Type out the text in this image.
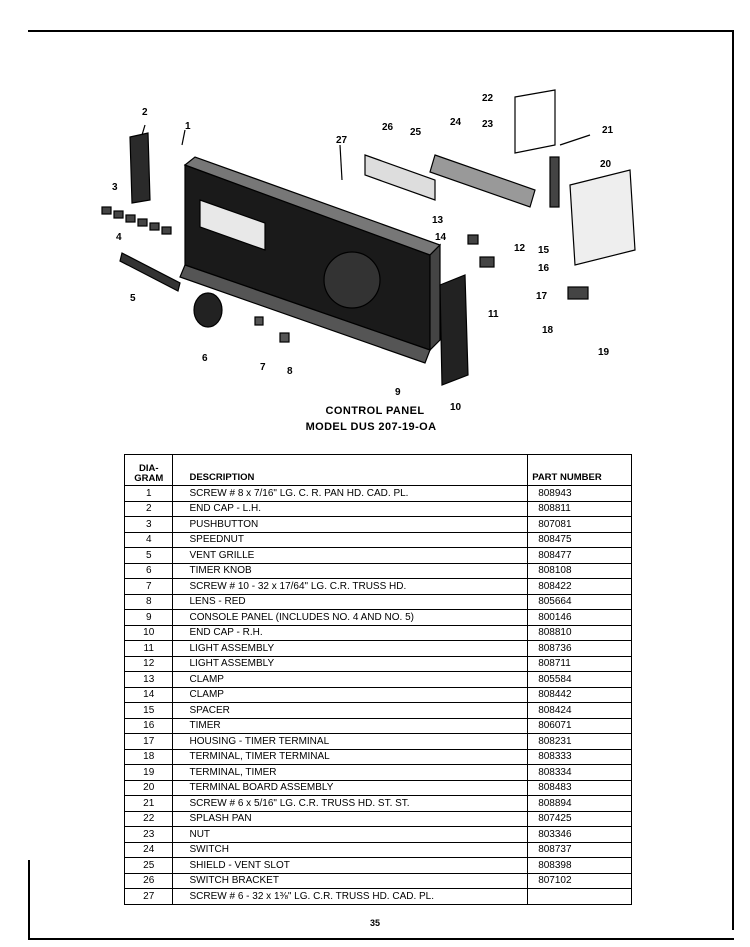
1
2
3
4
5
6
7 8
9
10
11
12
13
14
15
16
17
18
19
20
21
22
23
24
25
26
27
CONTROL PANEL
MODEL DUS 207-19-OA
DIA-
GRAM	DESCRIPTION	PART NUMBER
1	SCREW # 8 x 7/16" LG. C. R. PAN HD. CAD. PL.	808943
2	END CAP - L.H.	808811
3	PUSHBUTTON	807081
4	SPEEDNUT	808475
5	VENT GRILLE	808477
6	TIMER KNOB	808108
7	SCREW # 10 - 32 x 17/64" LG. C.R. TRUSS HD.	808422
8	LENS - RED	805664
9	CONSOLE PANEL (INCLUDES NO. 4 AND NO. 5)	800146
10	END CAP - R.H.	808810
11	LIGHT ASSEMBLY	808736
12	LIGHT ASSEMBLY	808711
13	CLAMP	805584
14	CLAMP	808442
15	SPACER	808424
16	TIMER	806071
17	HOUSING - TIMER TERMINAL	808231
18	TERMINAL, TIMER TERMINAL	808333
19	TERMINAL, TIMER	808334
20	TERMINAL BOARD ASSEMBLY	808483
21	SCREW # 6 x 5/16" LG. C.R. TRUSS HD. ST. ST.	808894
22	SPLASH PAN	807425
23	NUT	803346
24	SWITCH	808737
25	SHIELD - VENT SLOT	808398
26	SWITCH BRACKET	807102
27	SCREW # 6 - 32 x 1⅜" LG. C.R. TRUSS HD. CAD. PL.	
35
